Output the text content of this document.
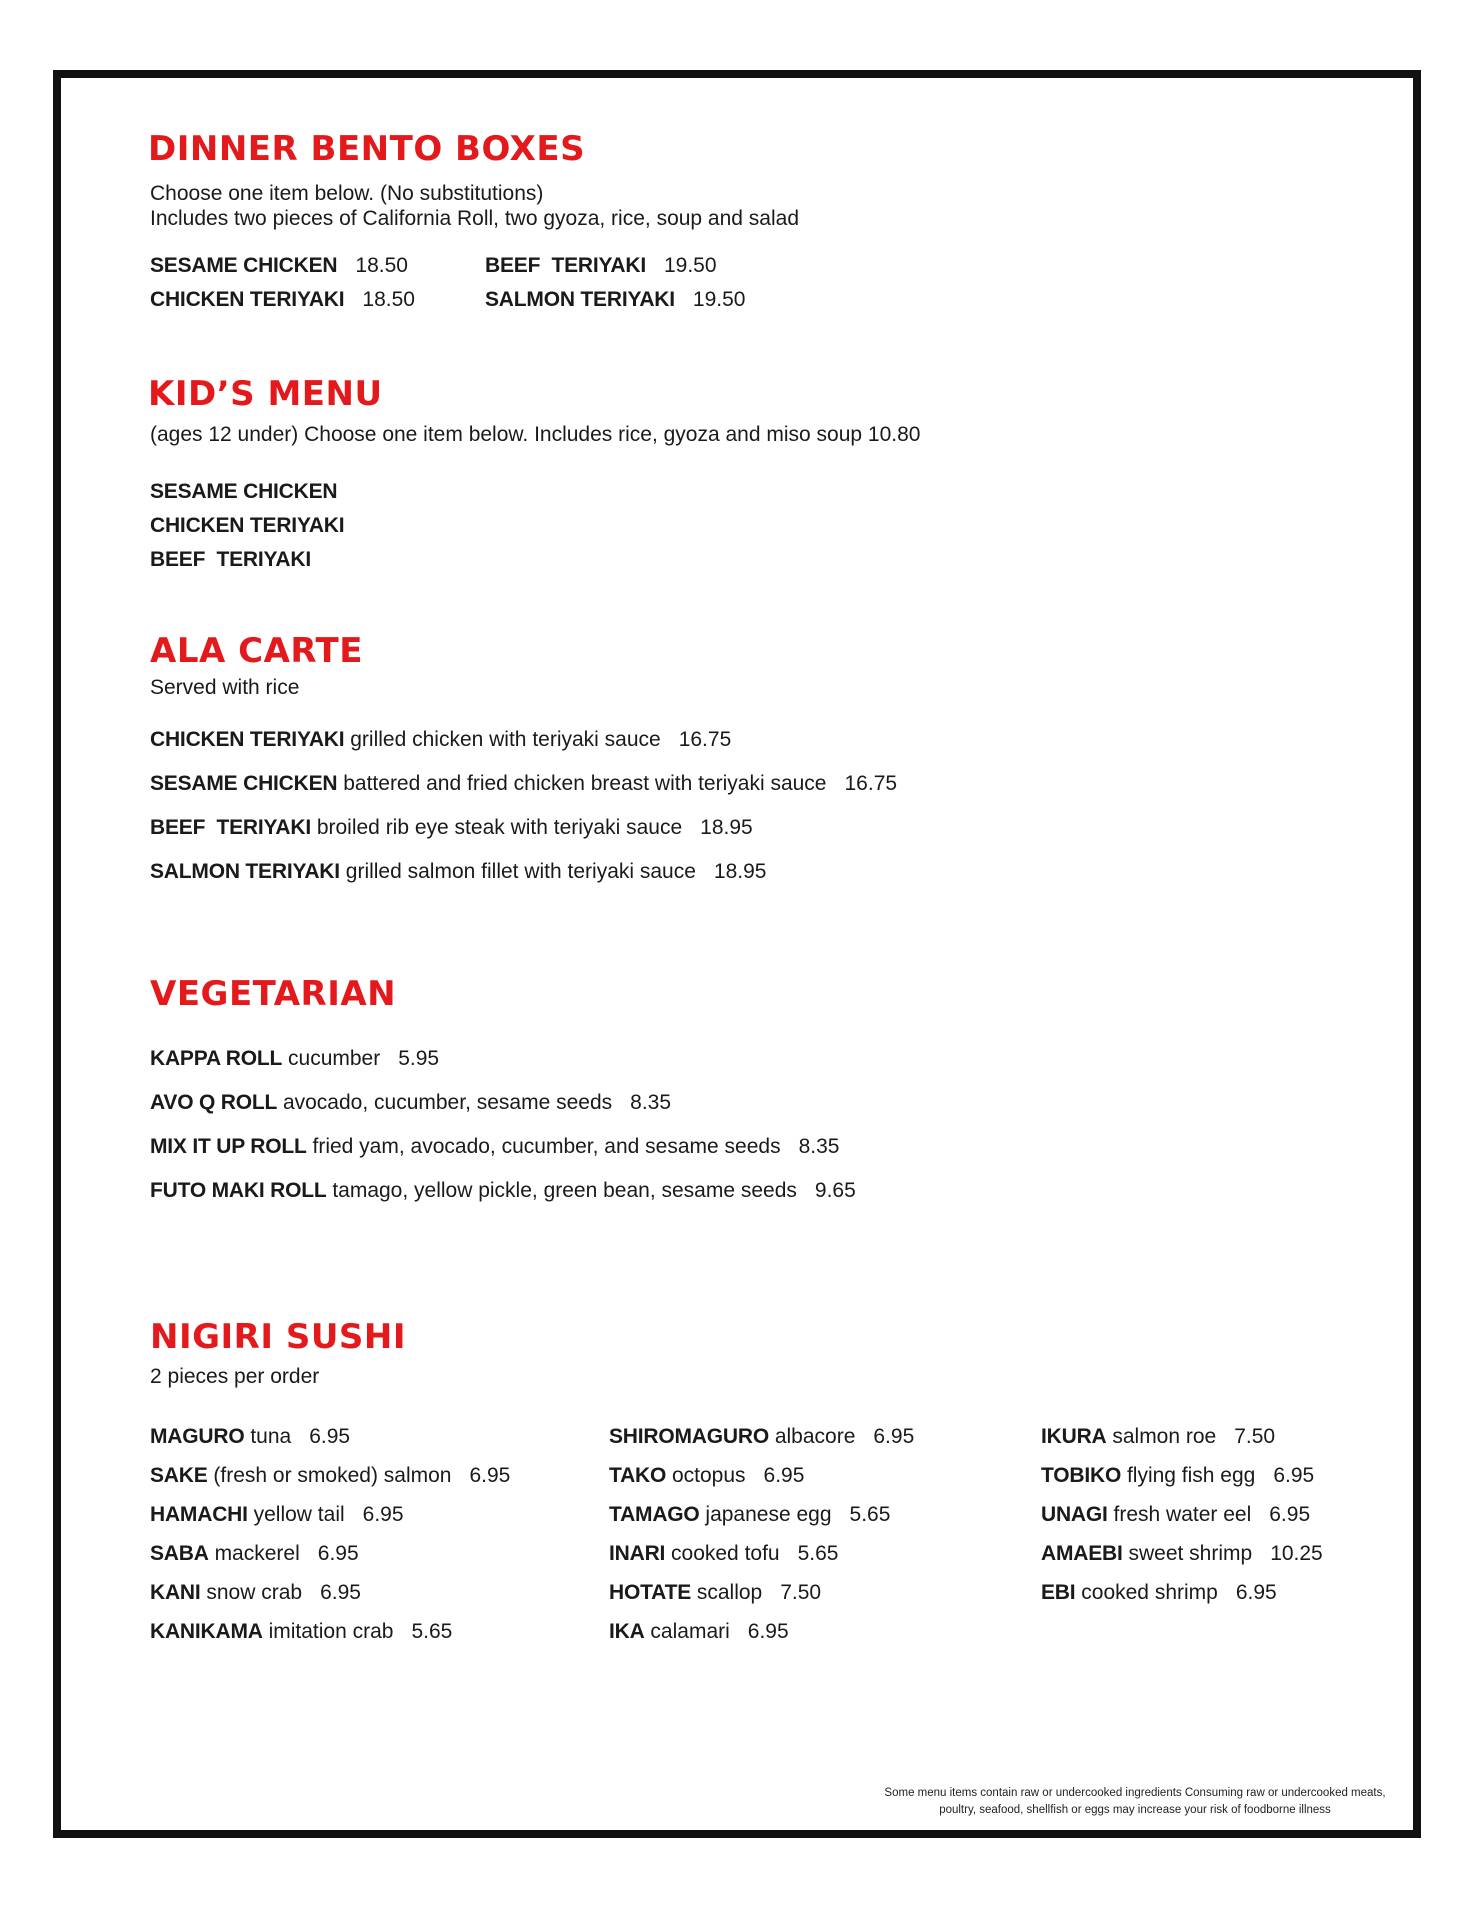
DINNER BENTO BOXES
Choose one item below. (No substitutions)
Includes two pieces of California Roll, two gyoza, rice, soup and salad
SESAME CHICKEN 18.50	BEEF  TERIYAKI 19.50
CHICKEN TERIYAKI 18.50	SALMON TERIYAKI 19.50
KID’S MENU
(ages 12 under) Choose one item below. Includes rice, gyoza and miso soup 10.80
SESAME CHICKEN
CHICKEN TERIYAKI
BEEF  TERIYAKI
ALA CARTE
Served with rice
CHICKEN TERIYAKI grilled chicken with teriyaki sauce 16.75
SESAME CHICKEN battered and fried chicken breast with teriyaki sauce 16.75
BEEF  TERIYAKI broiled rib eye steak with teriyaki sauce 18.95
SALMON TERIYAKI grilled salmon fillet with teriyaki sauce 18.95
VEGETARIAN
KAPPA ROLL cucumber 5.95
AVO Q ROLL avocado, cucumber, sesame seeds 8.35
MIX IT UP ROLL fried yam, avocado, cucumber, and sesame seeds 8.35
FUTO MAKI ROLL tamago, yellow pickle, green bean, sesame seeds 9.65
NIGIRI SUSHI
2 pieces per order
MAGURO tuna 6.95
SAKE (fresh or smoked) salmon 6.95
HAMACHI yellow tail 6.95
SABA mackerel 6.95
KANI snow crab 6.95
KANIKAMA imitation crab 5.65
SHIROMAGURO albacore 6.95
TAKO octopus 6.95
TAMAGO japanese egg 5.65
INARI cooked tofu 5.65
HOTATE scallop 7.50
IKA calamari 6.95
IKURA salmon roe 7.50
TOBIKO flying fish egg 6.95
UNAGI fresh water eel 6.95
AMAEBI sweet shrimp 10.25
EBI cooked shrimp 6.95
Some menu items contain raw or undercooked ingredients Consuming raw or undercooked meats,
poultry, seafood, shellfish or eggs may increase your risk of foodborne illness
